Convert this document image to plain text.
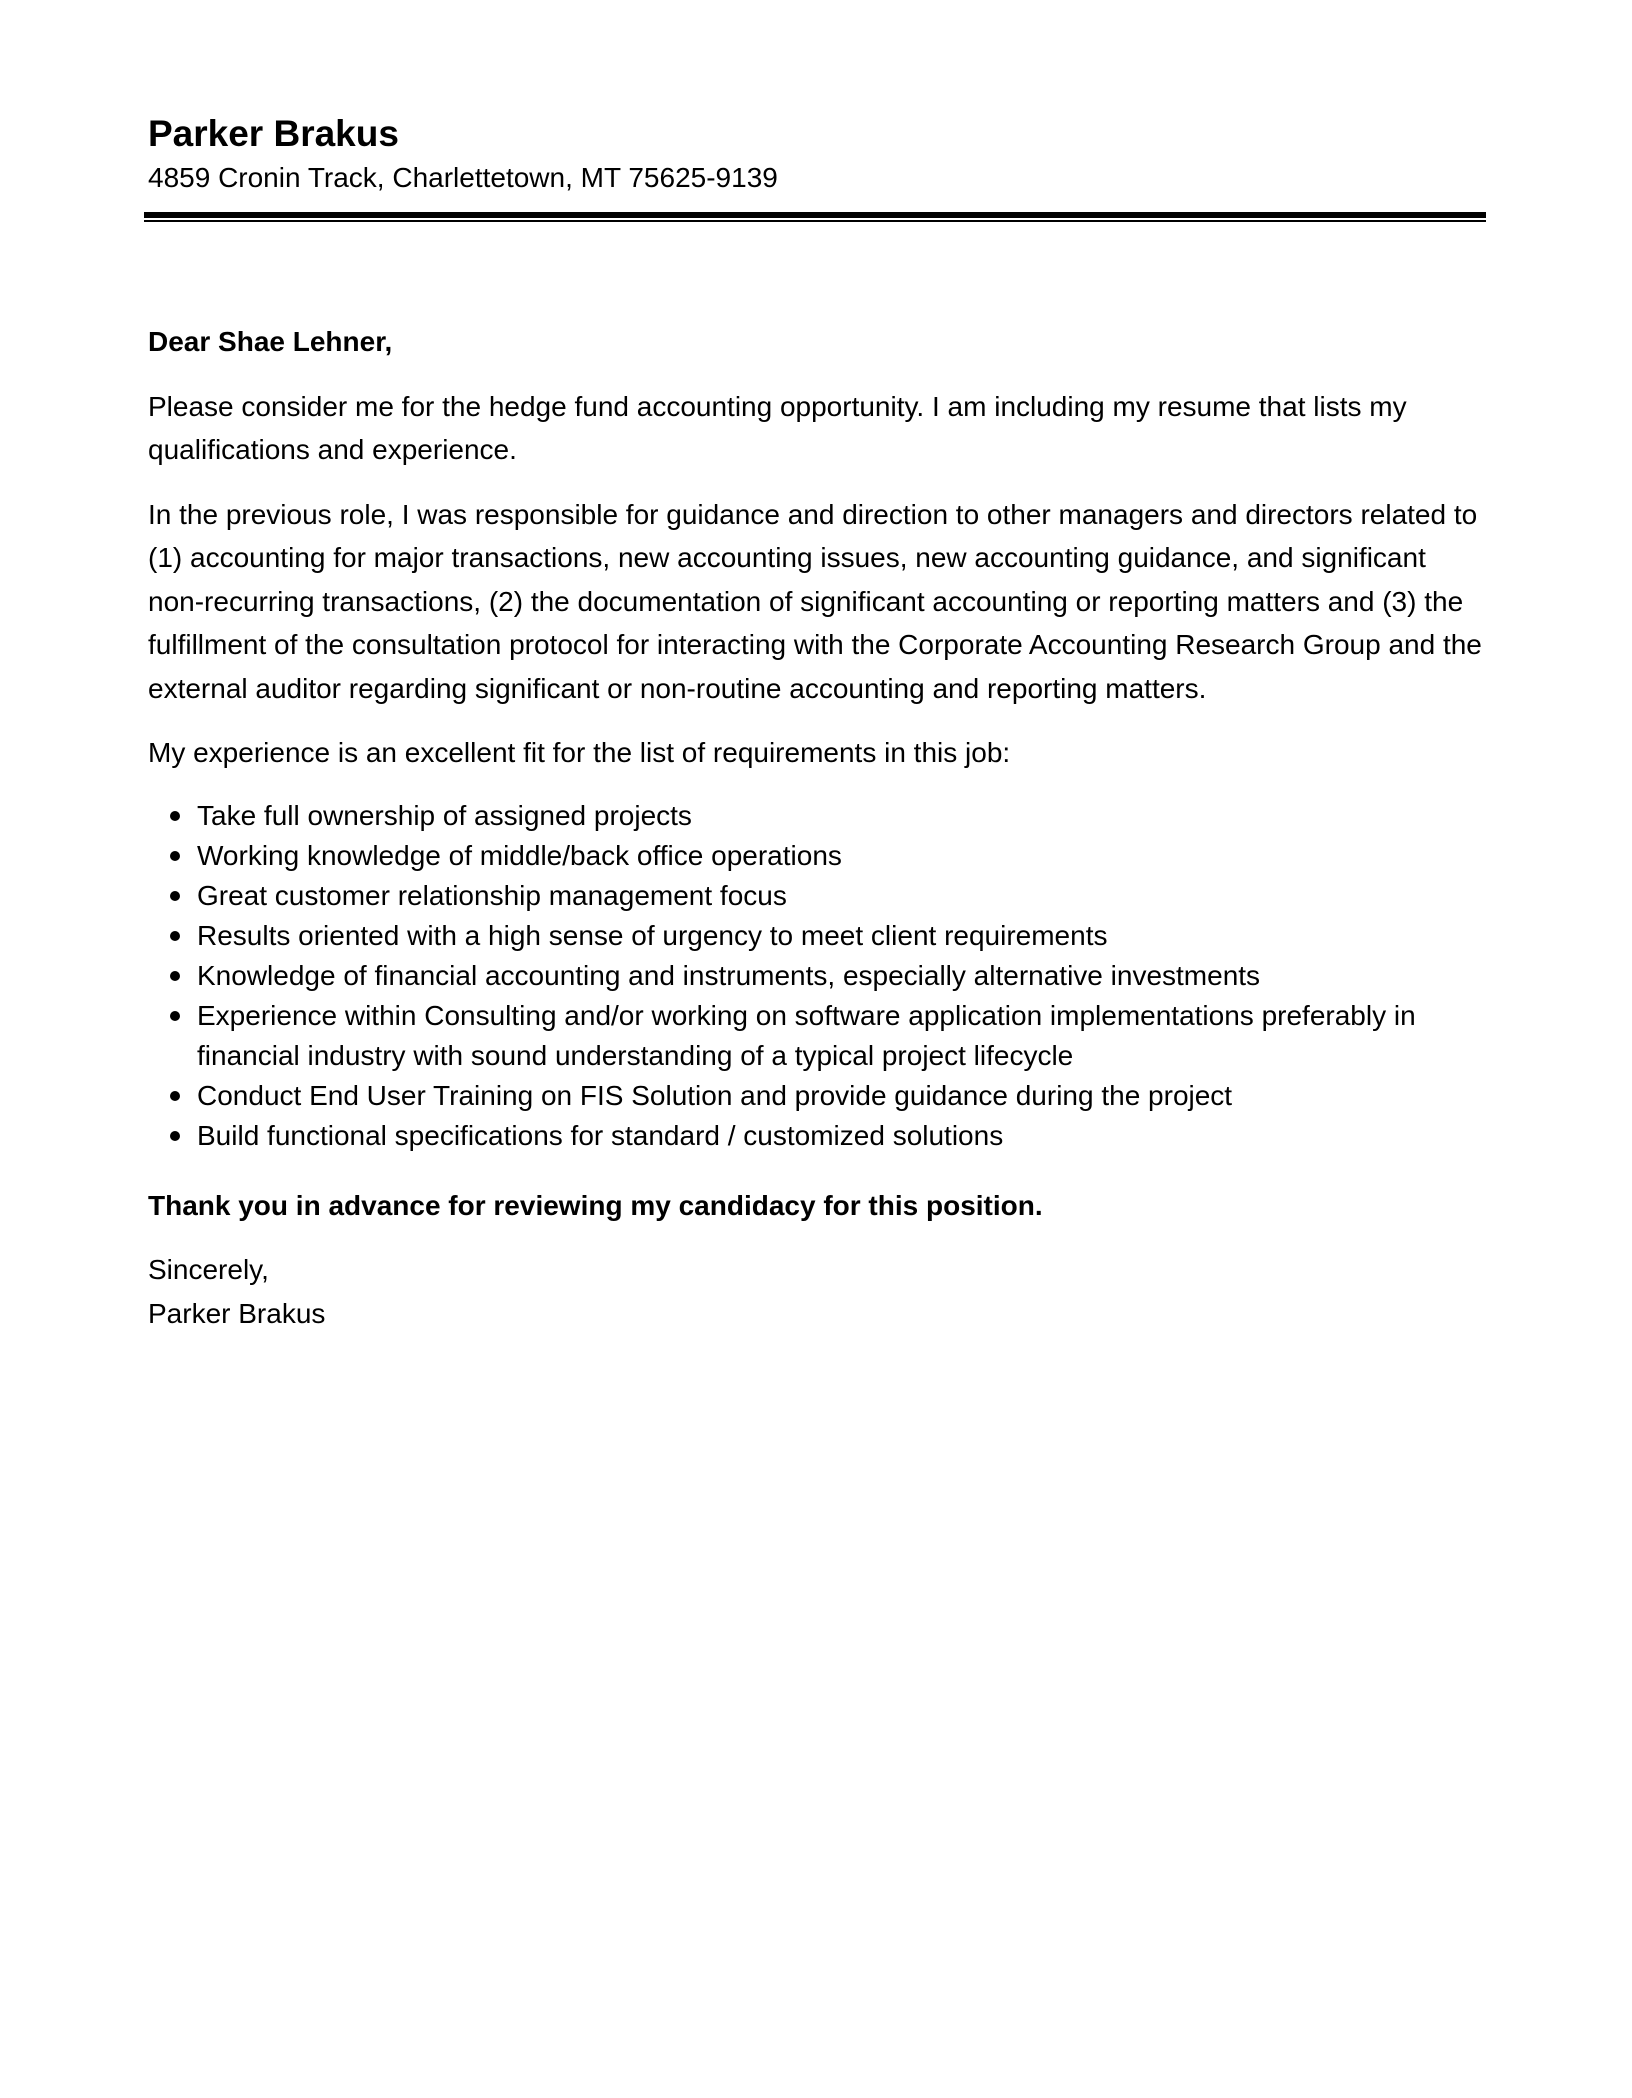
Parker Brakus

4859 Cronin Track, Charlettetown, MT 75625-9139

Dear Shae Lehner,

Please consider me for the hedge fund accounting opportunity. I am including my resume that lists my qualifications and experience.

In the previous role, I was responsible for guidance and direction to other managers and directors related to (1) accounting for major transactions, new accounting issues, new accounting guidance, and significant non-recurring transactions, (2) the documentation of significant accounting or reporting matters and (3) the fulfillment of the consultation protocol for interacting with the Corporate Accounting Research Group and the external auditor regarding significant or non-routine accounting and reporting matters.

My experience is an excellent fit for the list of requirements in this job:

Take full ownership of assigned projects
Working knowledge of middle/back office operations
Great customer relationship management focus
Results oriented with a high sense of urgency to meet client requirements
Knowledge of financial accounting and instruments, especially alternative investments
Experience within Consulting and/or working on software application implementations preferably in financial industry with sound understanding of a typical project lifecycle
Conduct End User Training on FIS Solution and provide guidance during the project
Build functional specifications for standard / customized solutions

Thank you in advance for reviewing my candidacy for this position.

Sincerely,

Parker Brakus
